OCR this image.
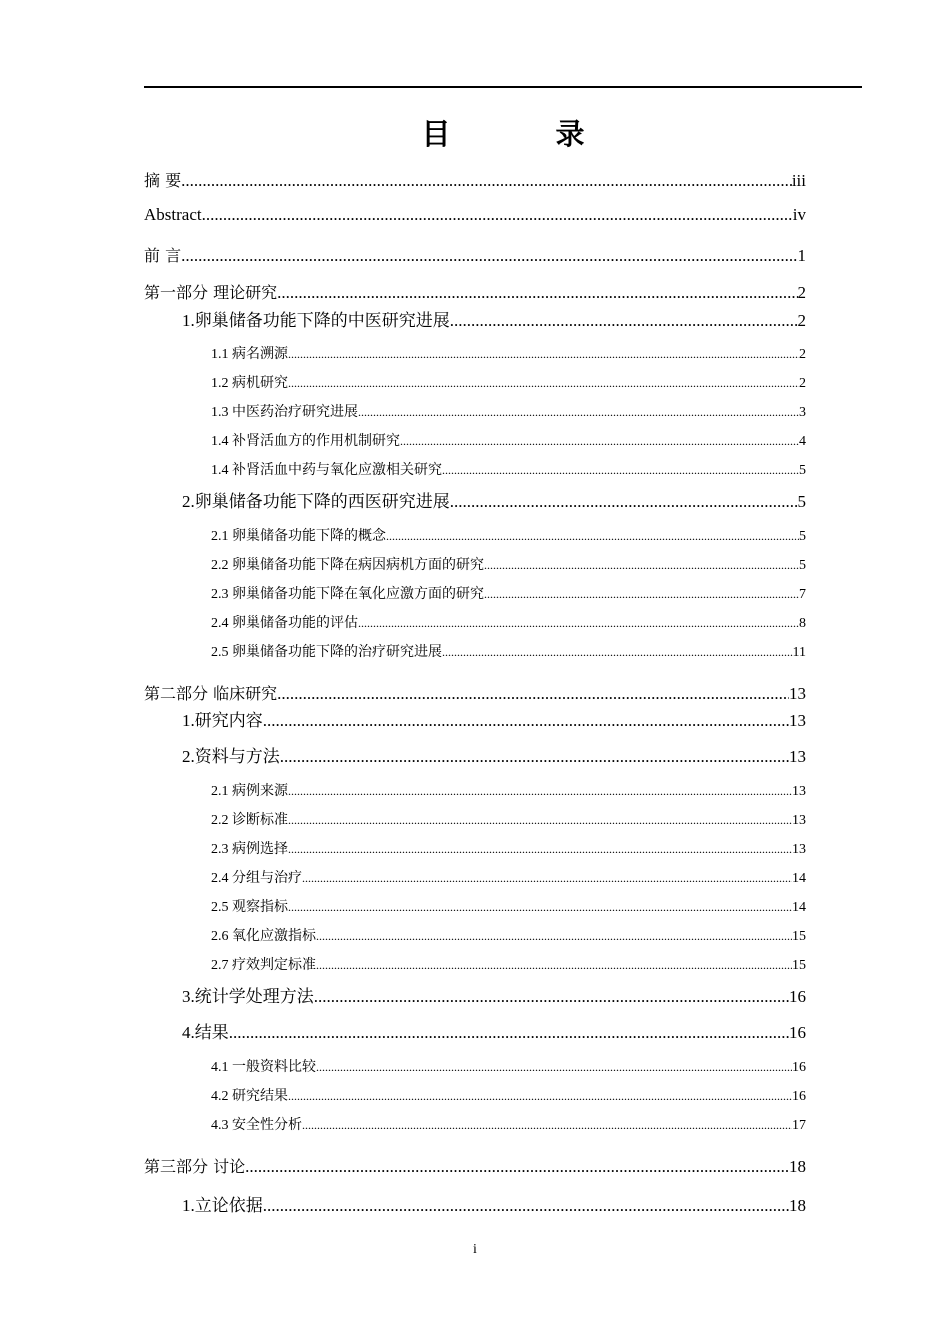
目　录
摘 要 .....	iii
Abstract .....	iv
前 言 .....	1
第一部分 理论研究 .....	2
1.卵巢储备功能下降的中医研究进展 .....	2
1.1 病名溯源 .....	2
1.2 病机研究 .....	2
1.3 中医药治疗研究进展 .....	3
1.4 补肾活血方的作用机制研究 .....	4
1.4 补肾活血中药与氧化应激相关研究 .....	5
2.卵巢储备功能下降的西医研究进展 .....	5
2.1 卵巢储备功能下降的概念 .....	5
2.2 卵巢储备功能下降在病因病机方面的研究 .....	5
2.3 卵巢储备功能下降在氧化应激方面的研究 .....	7
2.4 卵巢储备功能的评估 .....	8
2.5 卵巢储备功能下降的治疗研究进展 .....	11
第二部分 临床研究 .....	13
1.研究内容 .....	13
2.资料与方法 .....	13
2.1 病例来源 .....	13
2.2 诊断标准 .....	13
2.3 病例选择 .....	13
2.4 分组与治疗 .....	14
2.5 观察指标 .....	14
2.6 氧化应激指标 .....	15
2.7 疗效判定标准 .....	15
3.统计学处理方法 .....	16
4.结果 .....	16
4.1 一般资料比较 .....	16
4.2 研究结果 .....	16
4.3 安全性分析 .....	17
第三部分 讨论 .....	18
1.立论依据 .....	18
i
